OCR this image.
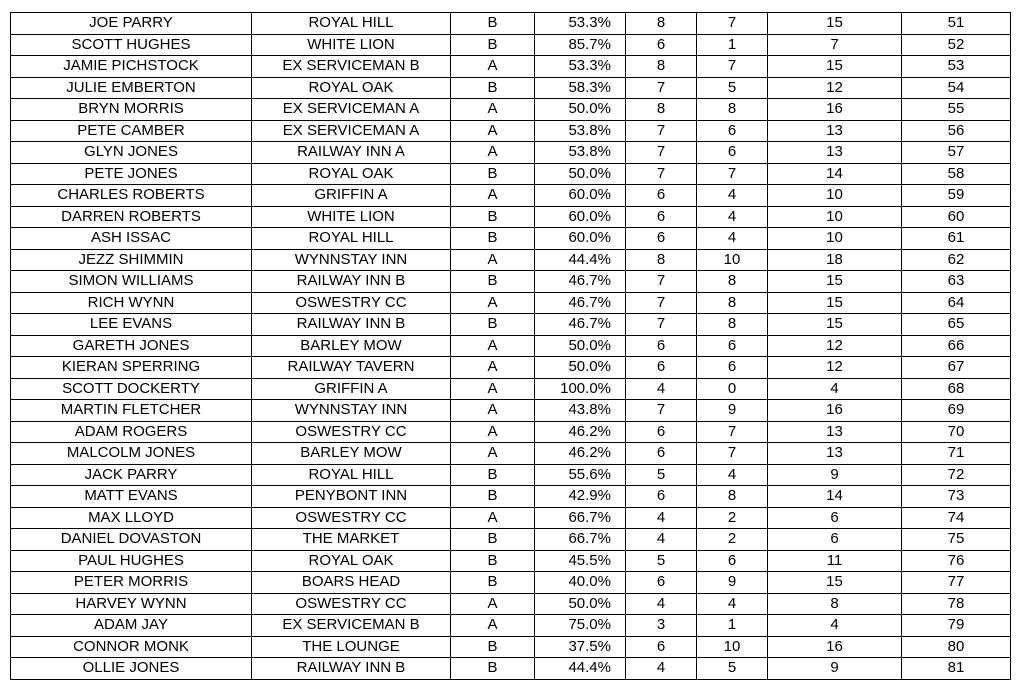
JOE PARRY	ROYAL HILL	B	53.3%	8	7	15	51
SCOTT HUGHES	WHITE LION	B	85.7%	6	1	7	52
JAMIE PICHSTOCK	EX SERVICEMAN B	A	53.3%	8	7	15	53
JULIE EMBERTON	ROYAL OAK	B	58.3%	7	5	12	54
BRYN MORRIS	EX SERVICEMAN A	A	50.0%	8	8	16	55
PETE CAMBER	EX SERVICEMAN A	A	53.8%	7	6	13	56
GLYN JONES	RAILWAY INN A	A	53.8%	7	6	13	57
PETE JONES	ROYAL OAK	B	50.0%	7	7	14	58
CHARLES ROBERTS	GRIFFIN A	A	60.0%	6	4	10	59
DARREN ROBERTS	WHITE LION	B	60.0%	6	4	10	60
ASH ISSAC	ROYAL HILL	B	60.0%	6	4	10	61
JEZZ SHIMMIN	WYNNSTAY INN	A	44.4%	8	10	18	62
SIMON WILLIAMS	RAILWAY INN B	B	46.7%	7	8	15	63
RICH WYNN	OSWESTRY CC	A	46.7%	7	8	15	64
LEE EVANS	RAILWAY INN B	B	46.7%	7	8	15	65
GARETH JONES	BARLEY MOW	A	50.0%	6	6	12	66
KIERAN SPERRING	RAILWAY TAVERN	A	50.0%	6	6	12	67
SCOTT DOCKERTY	GRIFFIN A	A	100.0%	4	0	4	68
MARTIN FLETCHER	WYNNSTAY INN	A	43.8%	7	9	16	69
ADAM ROGERS	OSWESTRY CC	A	46.2%	6	7	13	70
MALCOLM JONES	BARLEY MOW	A	46.2%	6	7	13	71
JACK PARRY	ROYAL HILL	B	55.6%	5	4	9	72
MATT EVANS	PENYBONT INN	B	42.9%	6	8	14	73
MAX LLOYD	OSWESTRY CC	A	66.7%	4	2	6	74
DANIEL DOVASTON	THE MARKET	B	66.7%	4	2	6	75
PAUL HUGHES	ROYAL OAK	B	45.5%	5	6	11	76
PETER MORRIS	BOARS HEAD	B	40.0%	6	9	15	77
HARVEY WYNN	OSWESTRY CC	A	50.0%	4	4	8	78
ADAM JAY	EX SERVICEMAN B	A	75.0%	3	1	4	79
CONNOR MONK	THE LOUNGE	B	37.5%	6	10	16	80
OLLIE JONES	RAILWAY INN B	B	44.4%	4	5	9	81
